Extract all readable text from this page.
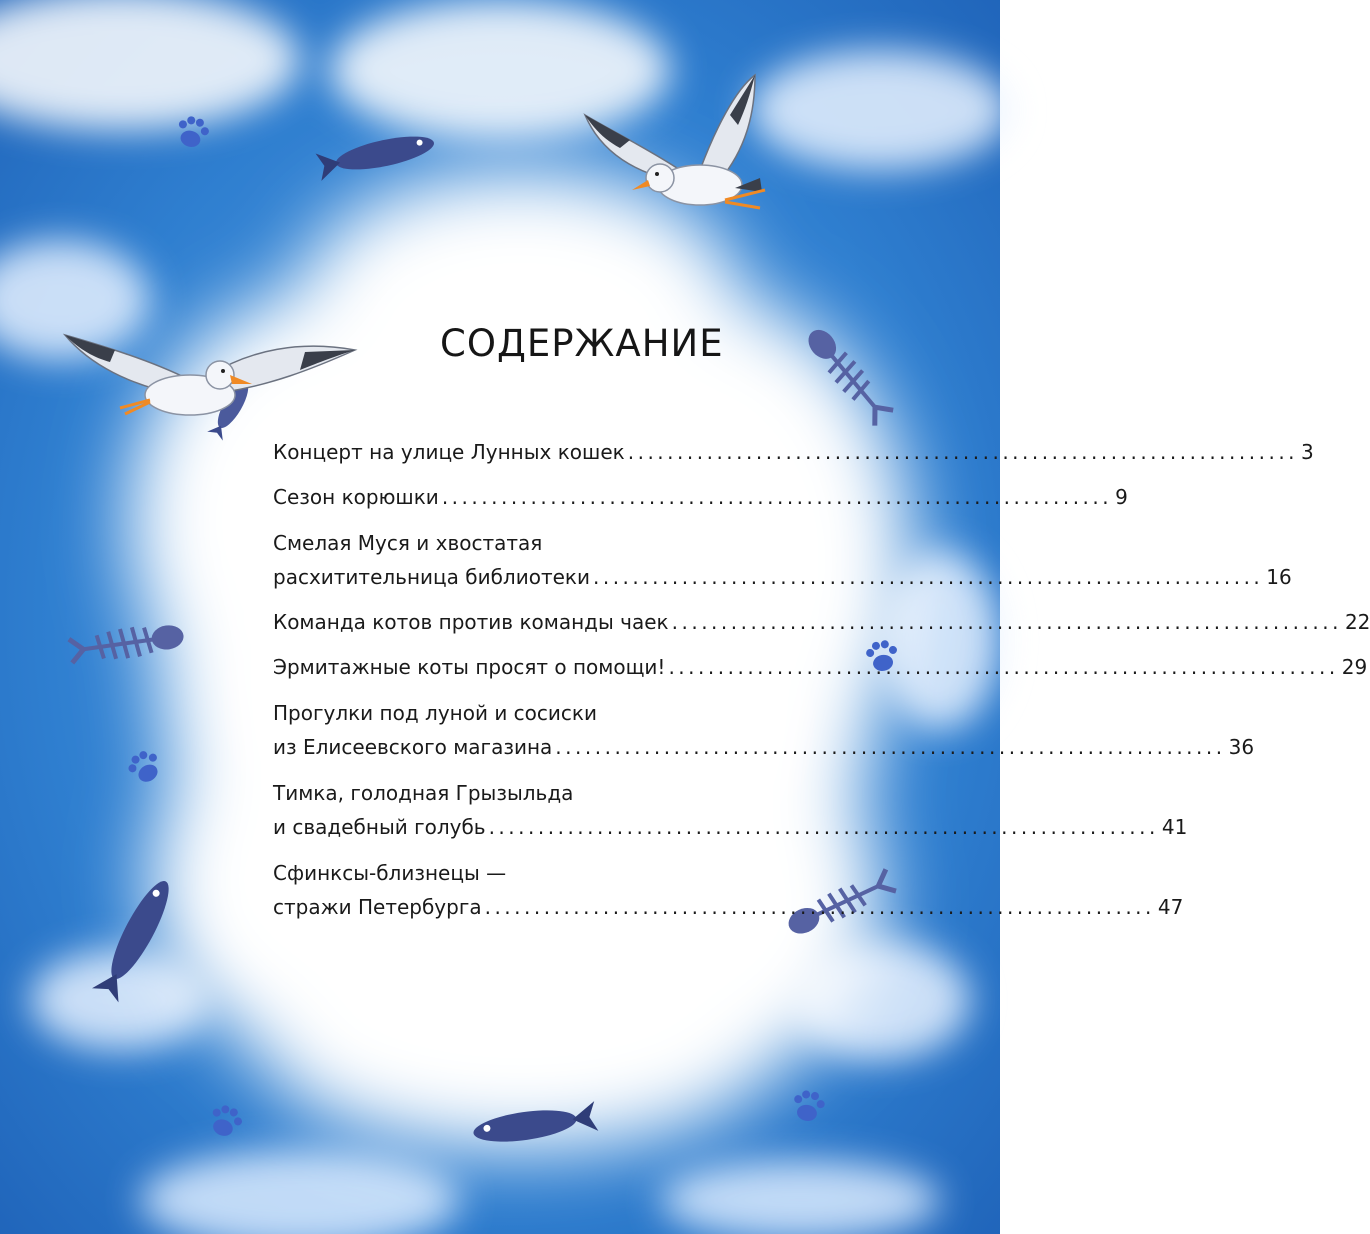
СОДЕРЖАНИЕ
Концерт на улице Лунных кошек .................................................................... 3
Сезон корюшки .................................................................... 9
Смелая Муся и хвостатая
расхитительница библиотеки .................................................................... 16
Команда котов против команды чаек .................................................................... 22
Эрмитажные коты просят о помощи! .................................................................... 29
Прогулки под луной и сосиски
из Елисеевского магазина .................................................................... 36
Тимка, голодная Грызыльда
и свадебный голубь .................................................................... 41
Сфинксы-близнецы —
стражи Петербурга .................................................................... 47
